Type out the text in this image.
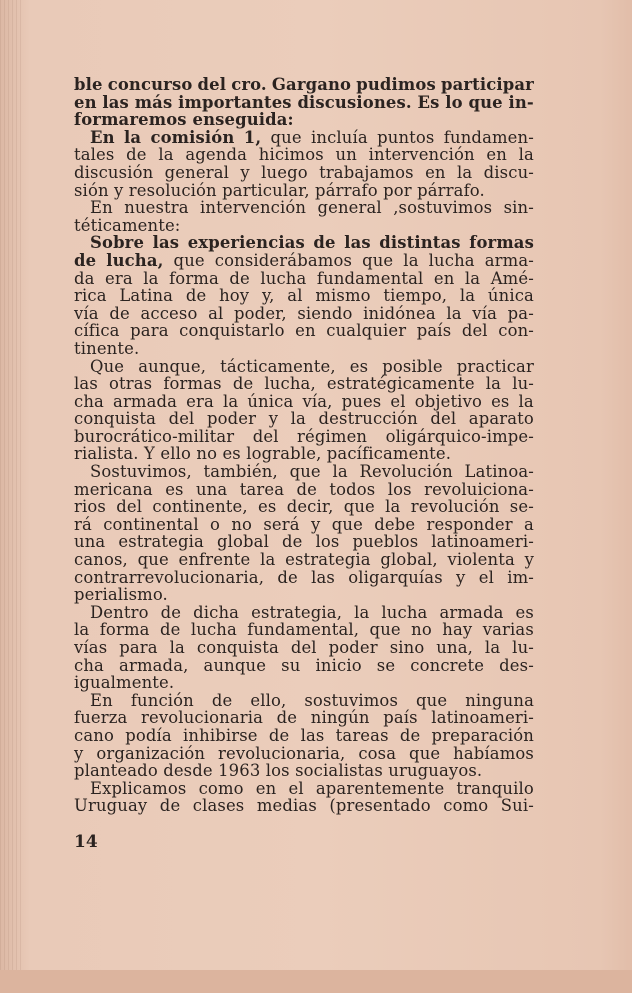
ble concurso del cro. Gargano pudimos participar
en las más importantes discusiones. Es lo que in-
formaremos enseguida:
En la comisión 1, que incluía puntos fundamen-
tales de la agenda hicimos un intervención en la
discusión general y luego trabajamos en la discu-
sión y resolución particular, párrafo por párrafo.
En nuestra intervención general ,sostuvimos sin-
téticamente:
Sobre las experiencias de las distintas formas
de lucha, que considerábamos que la lucha arma-
da era la forma de lucha fundamental en la Amé-
rica Latina de hoy y, al mismo tiempo, la única
vía de acceso al poder, siendo inidónea la vía pa-
cífica para conquistarlo en cualquier país del con-
tinente.
Que aunque, tácticamente, es posible practicar
las otras formas de lucha, estratégicamente la lu-
cha armada era la única vía, pues el objetivo es la
conquista del poder y la destrucción del aparato
burocrático-militar del régimen oligárquico-impe-
rialista. Y ello no es lograble, pacíficamente.
Sostuvimos, también, que la Revolución Latinoa-
mericana es una tarea de todos los revoluiciona-
rios del continente, es decir, que la revolución se-
rá continental o no será y que debe responder a
una estrategia global de los pueblos latinoameri-
canos, que enfrente la estrategia global, violenta y
contrarrevolucionaria, de las oligarquías y el im-
perialismo.
Dentro de dicha estrategia, la lucha armada es
la forma de lucha fundamental, que no hay varias
vías para la conquista del poder sino una, la lu-
cha armada, aunque su inicio se concrete des-
igualmente.
En función de ello, sostuvimos que ninguna
fuerza revolucionaria de ningún país latinoameri-
cano podía inhibirse de las tareas de preparación
y organización revolucionaria, cosa que habíamos
planteado desde 1963 los socialistas uruguayos.
Explicamos como en el aparentemente tranquilo
Uruguay de clases medias (presentado como Sui-
14
